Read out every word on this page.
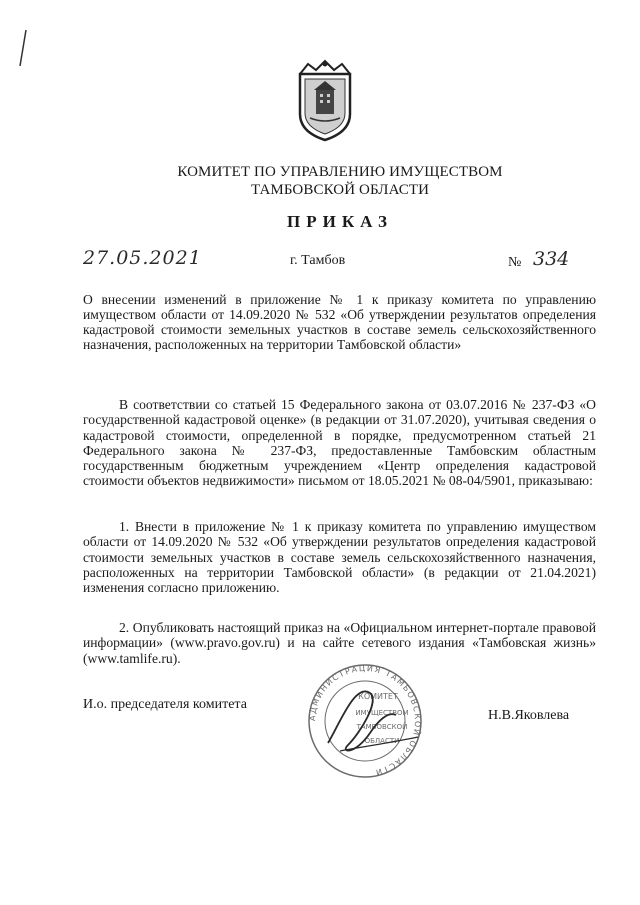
КОМИТЕТ ПО УПРАВЛЕНИЮ ИМУЩЕСТВОМ
ТАМБОВСКОЙ ОБЛАСТИ
ПРИКАЗ
27.05.2021	г. Тамбов	№ 334
О внесении изменений в приложение № 1 к приказу комитета по управлению имуществом области от 14.09.2020 № 532 «Об утверждении результатов определения кадастровой стоимости земельных участков в составе земель сельскохозяйственного назначения, расположенных на территории Тамбовской области»
В соответствии со статьей 15 Федерального закона от 03.07.2016 № 237-ФЗ «О государственной кадастровой оценке» (в редакции от 31.07.2020), учитывая сведения о кадастровой стоимости, определенной в порядке, предусмотренном статьей 21 Федерального закона № 237-ФЗ, предоставленные Тамбовским областным государственным бюджетным учреждением «Центр определения кадастровой стоимости объектов недвижимости» письмом от 18.05.2021 № 08-04/5901, приказываю:
1. Внести в приложение № 1 к приказу комитета по управлению имуществом области от 14.09.2020 № 532 «Об утверждении результатов определения кадастровой стоимости земельных участков в составе земель сельскохозяйственного назначения, расположенных на территории Тамбовской области» (в редакции от 21.04.2021) изменения согласно приложению.
2. Опубликовать настоящий приказ на «Официальном интернет-портале правовой информации» (www.pravo.gov.ru) и на сайте сетевого издания «Тамбовская жизнь» (www.tamlife.ru).
АДМИНИСТРАЦИЯ ТАМБОВСКОЙ ОБЛАСТИ
КОМИТЕТ
ИМУЩЕСТВОМ
ТАМБОВСКОЙ
ОБЛАСТИ
И.о. председателя комитета
Н.В.Яковлева
